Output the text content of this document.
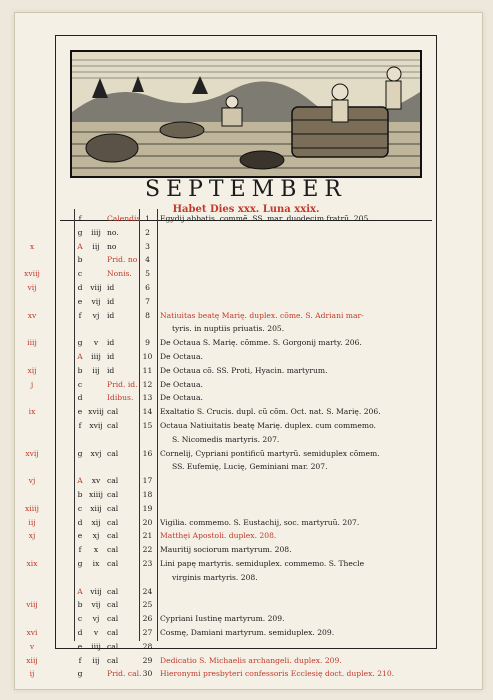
SEPTEMBER
Habet Dies xxx. Luna xxix.
f	Calendis 1	Egydij abbatis. commẽ. SS. mar. duodecim fratrũ. 205.
g	iiij no.	2
x	A	iij no	3
b	Prid. no	4
xviij	c	Nonis.	5
vij	d	viij id	6
e	vij id	7
xv	f	vj	id	8	Natiuitas beatę Marię. duplex. cõme. S. Adriani mar-
tyris. in nuptiis priuatis. 205.
iiij	g	v	id	9	De Octaua S. Marię. cõmme. S. Gorgonij marty. 206.
A	iiij id	10	De Octaua.
xij	b	iij id	11	De Octaua cõ. SS. Proti, Hyacin. martyrum.
j	c	Prid. id. 12	De Octaua.
d	Idibus.	13	De Octaua.
ix	e xviij cal	14	Exaltatio S. Crucis. dupl. cũ cõm. Oct. nat. S. Marię. 206.
f	xvij cal	15	Octaua Natiuitatis beatę Marię. duplex. cum commemo.
S. Nicomedis martyris. 207.
xvij	g	xvj cal	16	Cornelij, Cypriani pontificũ martyrũ. semiduplex cõmem.
SS. Eufemię, Lucię, Geminiani mar. 207.
vj	A	xv cal	17
b xiiij cal	18
xiiij	c	xiij cal	19
iij	d	xij cal	20	Vigilia. commemo. S. Eustachij, soc. martyruũ. 207.
xj	e	xj	cal	21	Matthęi Apostoli. duplex. 208.
f	x	cal	22	Mauritij sociorum martyrum. 208.
xix	g	ix	cal	23	Lini papę martyris. semiduplex. commemo. S. Thecle
virginis martyris. 208.
A viij cal	24
viij	b	vij cal	25
c	vj	cal	26	Cypriani Iustinę martyrum. 209.
xvi	d	v	cal	27	Cosmę, Damiani martyrum. semiduplex. 209.
v	e	iiij cal	28
xiij	f	iij cal	29	Dedicatio S. Michaelis archangeli. duplex. 209.
ij	g	Prid. cal. 30	Hieronymi presbyteri confessoris Ecclesię doct. duplex. 210.
